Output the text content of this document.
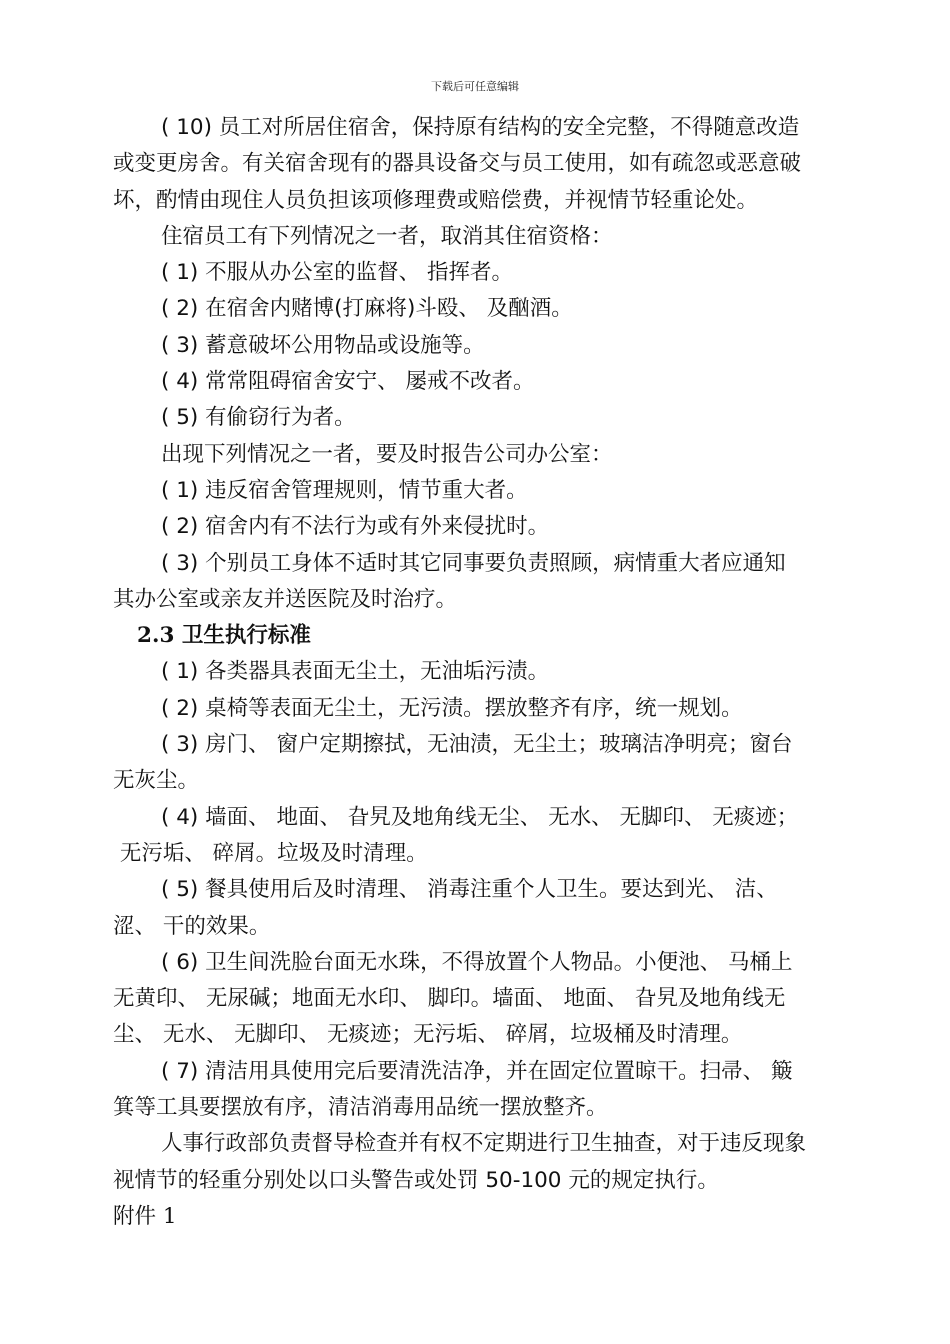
下载后可任意编辑

( 10) 员工对所居住宿舍，保持原有结构的安全完整，不得随意改造

或变更房舍。有关宿舍现有的器具设备交与员工使用，如有疏忽或恶意破

坏，酌情由现住人员负担该项修理费或赔偿费，并视情节轻重论处。

住宿员工有下列情况之一者，取消其住宿资格：

( 1) 不服从办公室的监督、 指挥者。

( 2) 在宿舍内赌博(打麻将)斗殴、 及酗酒。

( 3) 蓄意破坏公用物品或设施等。

( 4) 常常阻碍宿舍安宁、 屡戒不改者。

( 5) 有偷窃行为者。

出现下列情况之一者，要及时报告公司办公室：

( 1) 违反宿舍管理规则，情节重大者。

( 2) 宿舍内有不法行为或有外来侵扰时。

( 3) 个别员工身体不适时其它同事要负责照顾，病情重大者应通知

其办公室或亲友并送医院及时治疗。

2.3 卫生执行标准

( 1) 各类器具表面无尘土，无油垢污渍。

( 2) 桌椅等表面无尘土，无污渍。摆放整齐有序，统一规划。

( 3) 房门、 窗户定期擦拭，无油渍，无尘土；玻璃洁净明亮；窗台

无灰尘。

( 4) 墙面、 地面、 旮旯及地角线无尘、 无水、 无脚印、 无痰迹；

无污垢、 碎屑。垃圾及时清理。

( 5) 餐具使用后及时清理、 消毒注重个人卫生。要达到光、 洁、

涩、 干的效果。

( 6) 卫生间洗脸台面无水珠，不得放置个人物品。小便池、 马桶上

无黄印、 无尿碱；地面无水印、 脚印。墙面、 地面、 旮旯及地角线无

尘、 无水、 无脚印、 无痰迹；无污垢、 碎屑，垃圾桶及时清理。

( 7) 清洁用具使用完后要清洗洁净，并在固定位置晾干。扫帚、 簸

箕等工具要摆放有序，清洁消毒用品统一摆放整齐。

人事行政部负责督导检查并有权不定期进行卫生抽查，对于违反现象

视情节的轻重分别处以口头警告或处罚 50-100 元的规定执行。

附件 1
